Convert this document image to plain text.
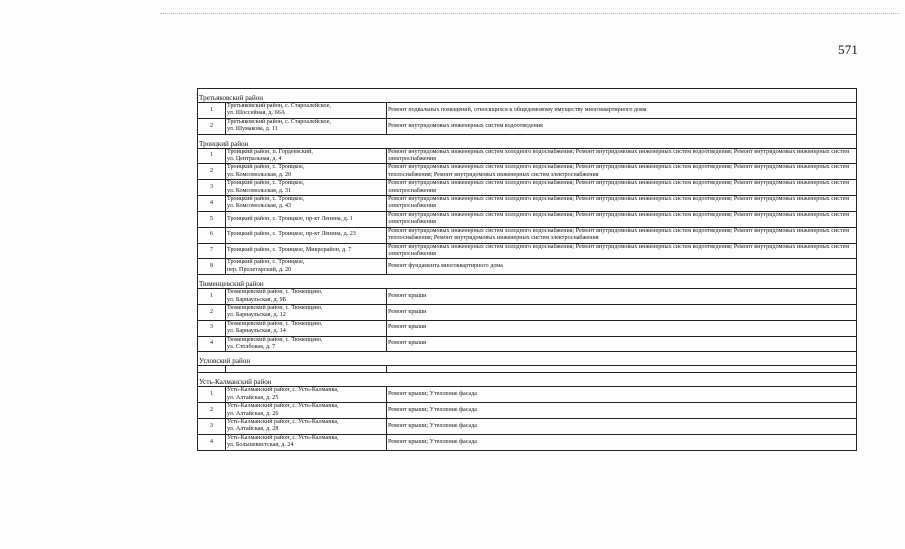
571

Третьяковский район		
1	Третьяковский район, с. Староалейское,
ул. Шоссейная, д. 66А	Ремонт подвальных помещений, относящихся к общедомовому имуществу многоквартирного дома
2	Третьяковский район, с. Староалейское,
ул. Шумакова, д. 11	Ремонт внутридомовых инженерных систем водоотведения

Троицкий район		
1	Троицкий район, п. Гордеевский,
ул. Центральная, д. 4	Ремонт внутридомовых инженерных систем холодного водоснабжения; Ремонт внутридомовых инженерных систем водоотведения; Ремонт внутридомовых инженерных систем электроснабжения
2	Троицкий район, с. Троицкое,
ул. Комсомольская, д. 20	Ремонт внутридомовых инженерных систем холодного водоснабжения; Ремонт внутридомовых инженерных систем водоотведения; Ремонт внутридомовых инженерных систем теплоснабжения; Ремонт внутридомовых инженерных систем электроснабжения
3	Троицкий район, с. Троицкое,
ул. Комсомольская, д. 31	Ремонт внутридомовых инженерных систем холодного водоснабжения; Ремонт внутридомовых инженерных систем водоотведения; Ремонт внутридомовых инженерных систем электроснабжения
4	Троицкий район, с. Троицкое,
ул. Комсомольская, д. 43	Ремонт внутридомовых инженерных систем холодного водоснабжения; Ремонт внутридомовых инженерных систем водоотведения; Ремонт внутридомовых инженерных систем электроснабжения
5	Троицкий район, с. Троицкое, пр-кт Ленина, д. 1	Ремонт внутридомовых инженерных систем холодного водоснабжения; Ремонт внутридомовых инженерных систем водоотведения; Ремонт внутридомовых инженерных систем электроснабжения
6	Троицкий район, с. Троицкое, пр-кт Ленина, д. 23	Ремонт внутридомовых инженерных систем холодного водоснабжения; Ремонт внутридомовых инженерных систем водоотведения; Ремонт внутридомовых инженерных систем теплоснабжения; Ремонт внутридомовых инженерных систем электроснабжения
7	Троицкий район, с. Троицкое, Микрорайон, д. 7	Ремонт внутридомовых инженерных систем холодного водоснабжения; Ремонт внутридомовых инженерных систем водоотведения; Ремонт внутридомовых инженерных систем электроснабжения
8	Троицкий район, с. Троицкое,
пер. Пролетарский, д. 20	Ремонт фундамента многоквартирного дома

Тюменцевский район		
1	Тюменцевский район, с. Тюменцево,
ул. Барнаульская, д. 9Б	Ремонт крыши
2	Тюменцевский район, с. Тюменцево,
ул. Барнаульская, д. 12	Ремонт крыши
3	Тюменцевский район, с. Тюменцево,
ул. Барнаульская, д. 14	Ремонт крыши
4	Тюменцевский район, с. Тюменцево,
ул. Столбовая, д. 7	Ремонт крыши

Угловский район		

Усть-Калманский район		
1	Усть-Калманский район, с. Усть-Калманка,
ул. Алтайская, д. 25	Ремонт крыши; Утепление фасада
2	Усть-Калманский район, с. Усть-Калманка,
ул. Алтайская, д. 26	Ремонт крыши; Утепление фасада
3	Усть-Калманский район, с. Усть-Калманка,
ул. Алтайская, д. 28	Ремонт крыши; Утепление фасада
4	Усть-Калманский район, с. Усть-Калманка,
ул. Большевистская, д. 24	Ремонт крыши; Утепление фасада
